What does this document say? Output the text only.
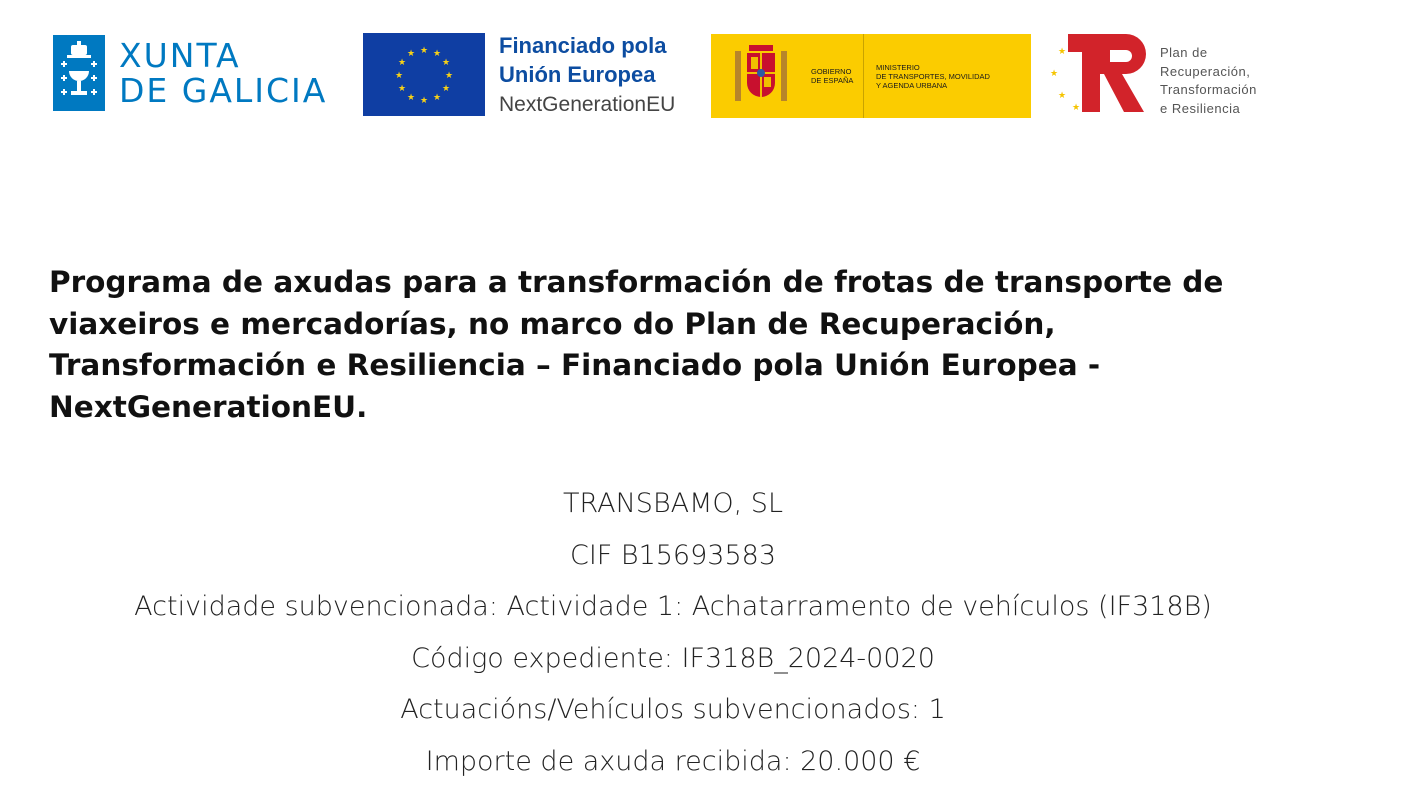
XUNTA
DE GALICIA
★ ★
★
★
★
★
★
★
★
★
★
★	Financiado pola
Unión Europea
NextGenerationEU
GOBIERNO
DE ESPAÑA
MINISTERIO
DE TRANSPORTES, MOVILIDAD
Y AGENDA URBANA
★
★
★
★
Plan de
Recuperación,
Transformación
e Resiliencia
Programa de axudas para a transformación de frotas de transporte de viaxeiros e mercadorías, no marco do Plan de Recuperación, Transformación e Resiliencia – Financiado pola Unión Europea - NextGenerationEU.
TRANSBAMO, SL
CIF B15693583
Actividade subvencionada: Actividade 1: Achatarramento de vehículos (IF318B)
Código expediente: IF318B_2024-0020
Actuacións/Vehículos subvencionados: 1
Importe de axuda recibida: 20.000 €
